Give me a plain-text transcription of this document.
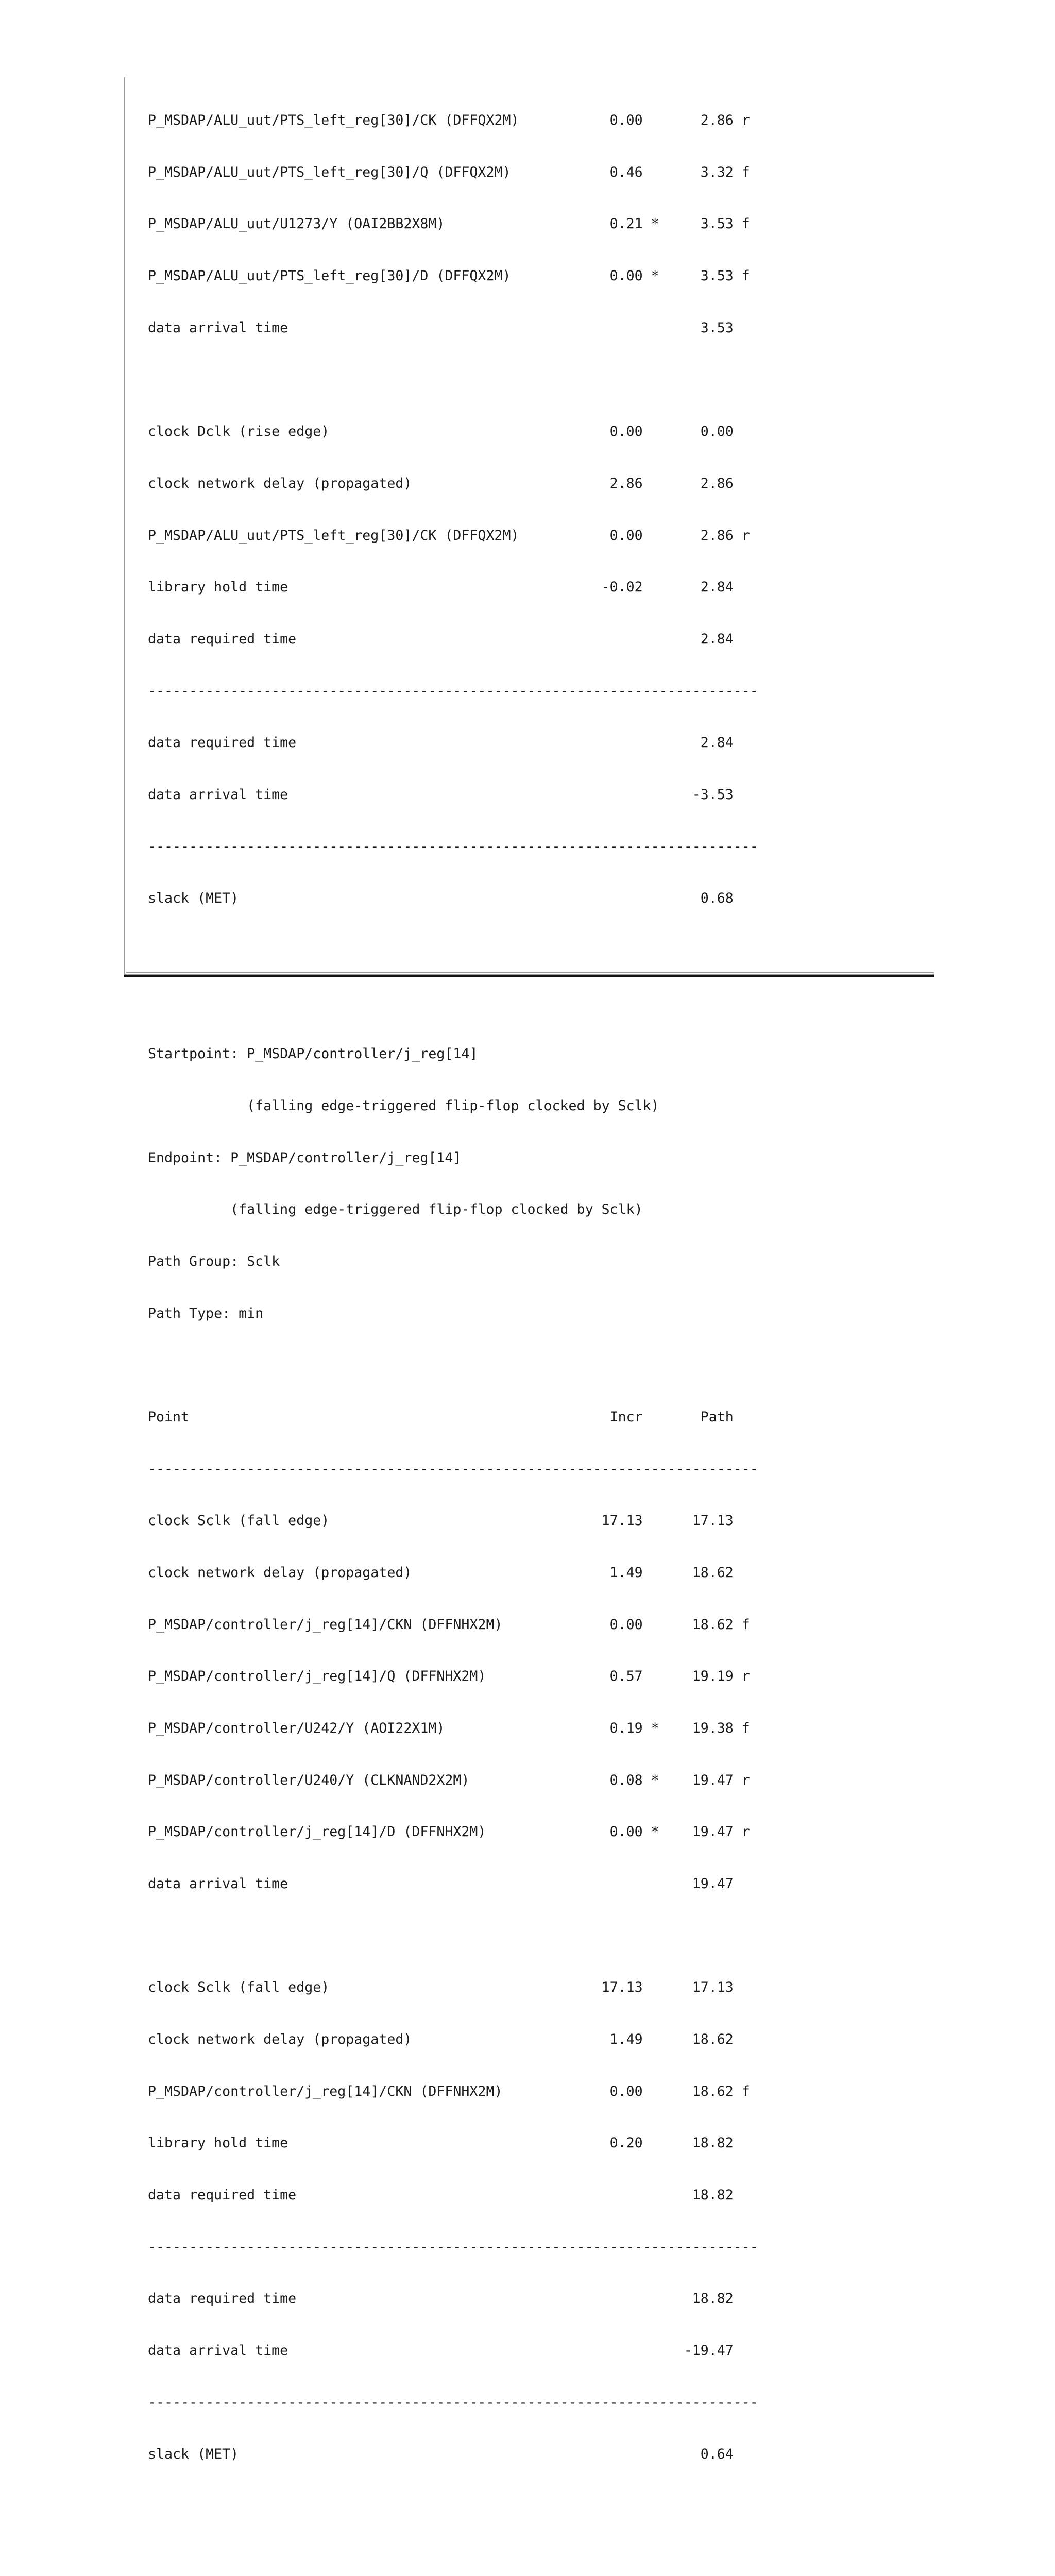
P_MSDAP/ALU_uut/PTS_left_reg[30]/CK (DFFQX2M)           0.00       2.86 r

P_MSDAP/ALU_uut/PTS_left_reg[30]/Q (DFFQX2M)            0.46       3.32 f

P_MSDAP/ALU_uut/U1273/Y (OAI2BB2X8M)                    0.21 *     3.53 f

P_MSDAP/ALU_uut/PTS_left_reg[30]/D (DFFQX2M)            0.00 *     3.53 f

data arrival time                                                  3.53

clock Dclk (rise edge)                                  0.00       0.00

clock network delay (propagated)                        2.86       2.86

P_MSDAP/ALU_uut/PTS_left_reg[30]/CK (DFFQX2M)           0.00       2.86 r

library hold time                                      -0.02       2.84

data required time                                                 2.84

--------------------------------------------------------------------------

data required time                                                 2.84

data arrival time                                                 -3.53

--------------------------------------------------------------------------

slack (MET)                                                        0.68

Startpoint: P_MSDAP/controller/j_reg[14]

(falling edge-triggered flip-flop clocked by Sclk)

Endpoint: P_MSDAP/controller/j_reg[14]

(falling edge-triggered flip-flop clocked by Sclk)

Path Group: Sclk

Path Type: min

Point                                                   Incr       Path

--------------------------------------------------------------------------

clock Sclk (fall edge)                                 17.13      17.13

clock network delay (propagated)                        1.49      18.62

P_MSDAP/controller/j_reg[14]/CKN (DFFNHX2M)             0.00      18.62 f

P_MSDAP/controller/j_reg[14]/Q (DFFNHX2M)               0.57      19.19 r

P_MSDAP/controller/U242/Y (AOI22X1M)                    0.19 *    19.38 f

P_MSDAP/controller/U240/Y (CLKNAND2X2M)                 0.08 *    19.47 r

P_MSDAP/controller/j_reg[14]/D (DFFNHX2M)               0.00 *    19.47 r

data arrival time                                                 19.47

clock Sclk (fall edge)                                 17.13      17.13

clock network delay (propagated)                        1.49      18.62

P_MSDAP/controller/j_reg[14]/CKN (DFFNHX2M)             0.00      18.62 f

library hold time                                       0.20      18.82

data required time                                                18.82

--------------------------------------------------------------------------

data required time                                                18.82

data arrival time                                                -19.47

--------------------------------------------------------------------------

slack (MET)                                                        0.64
